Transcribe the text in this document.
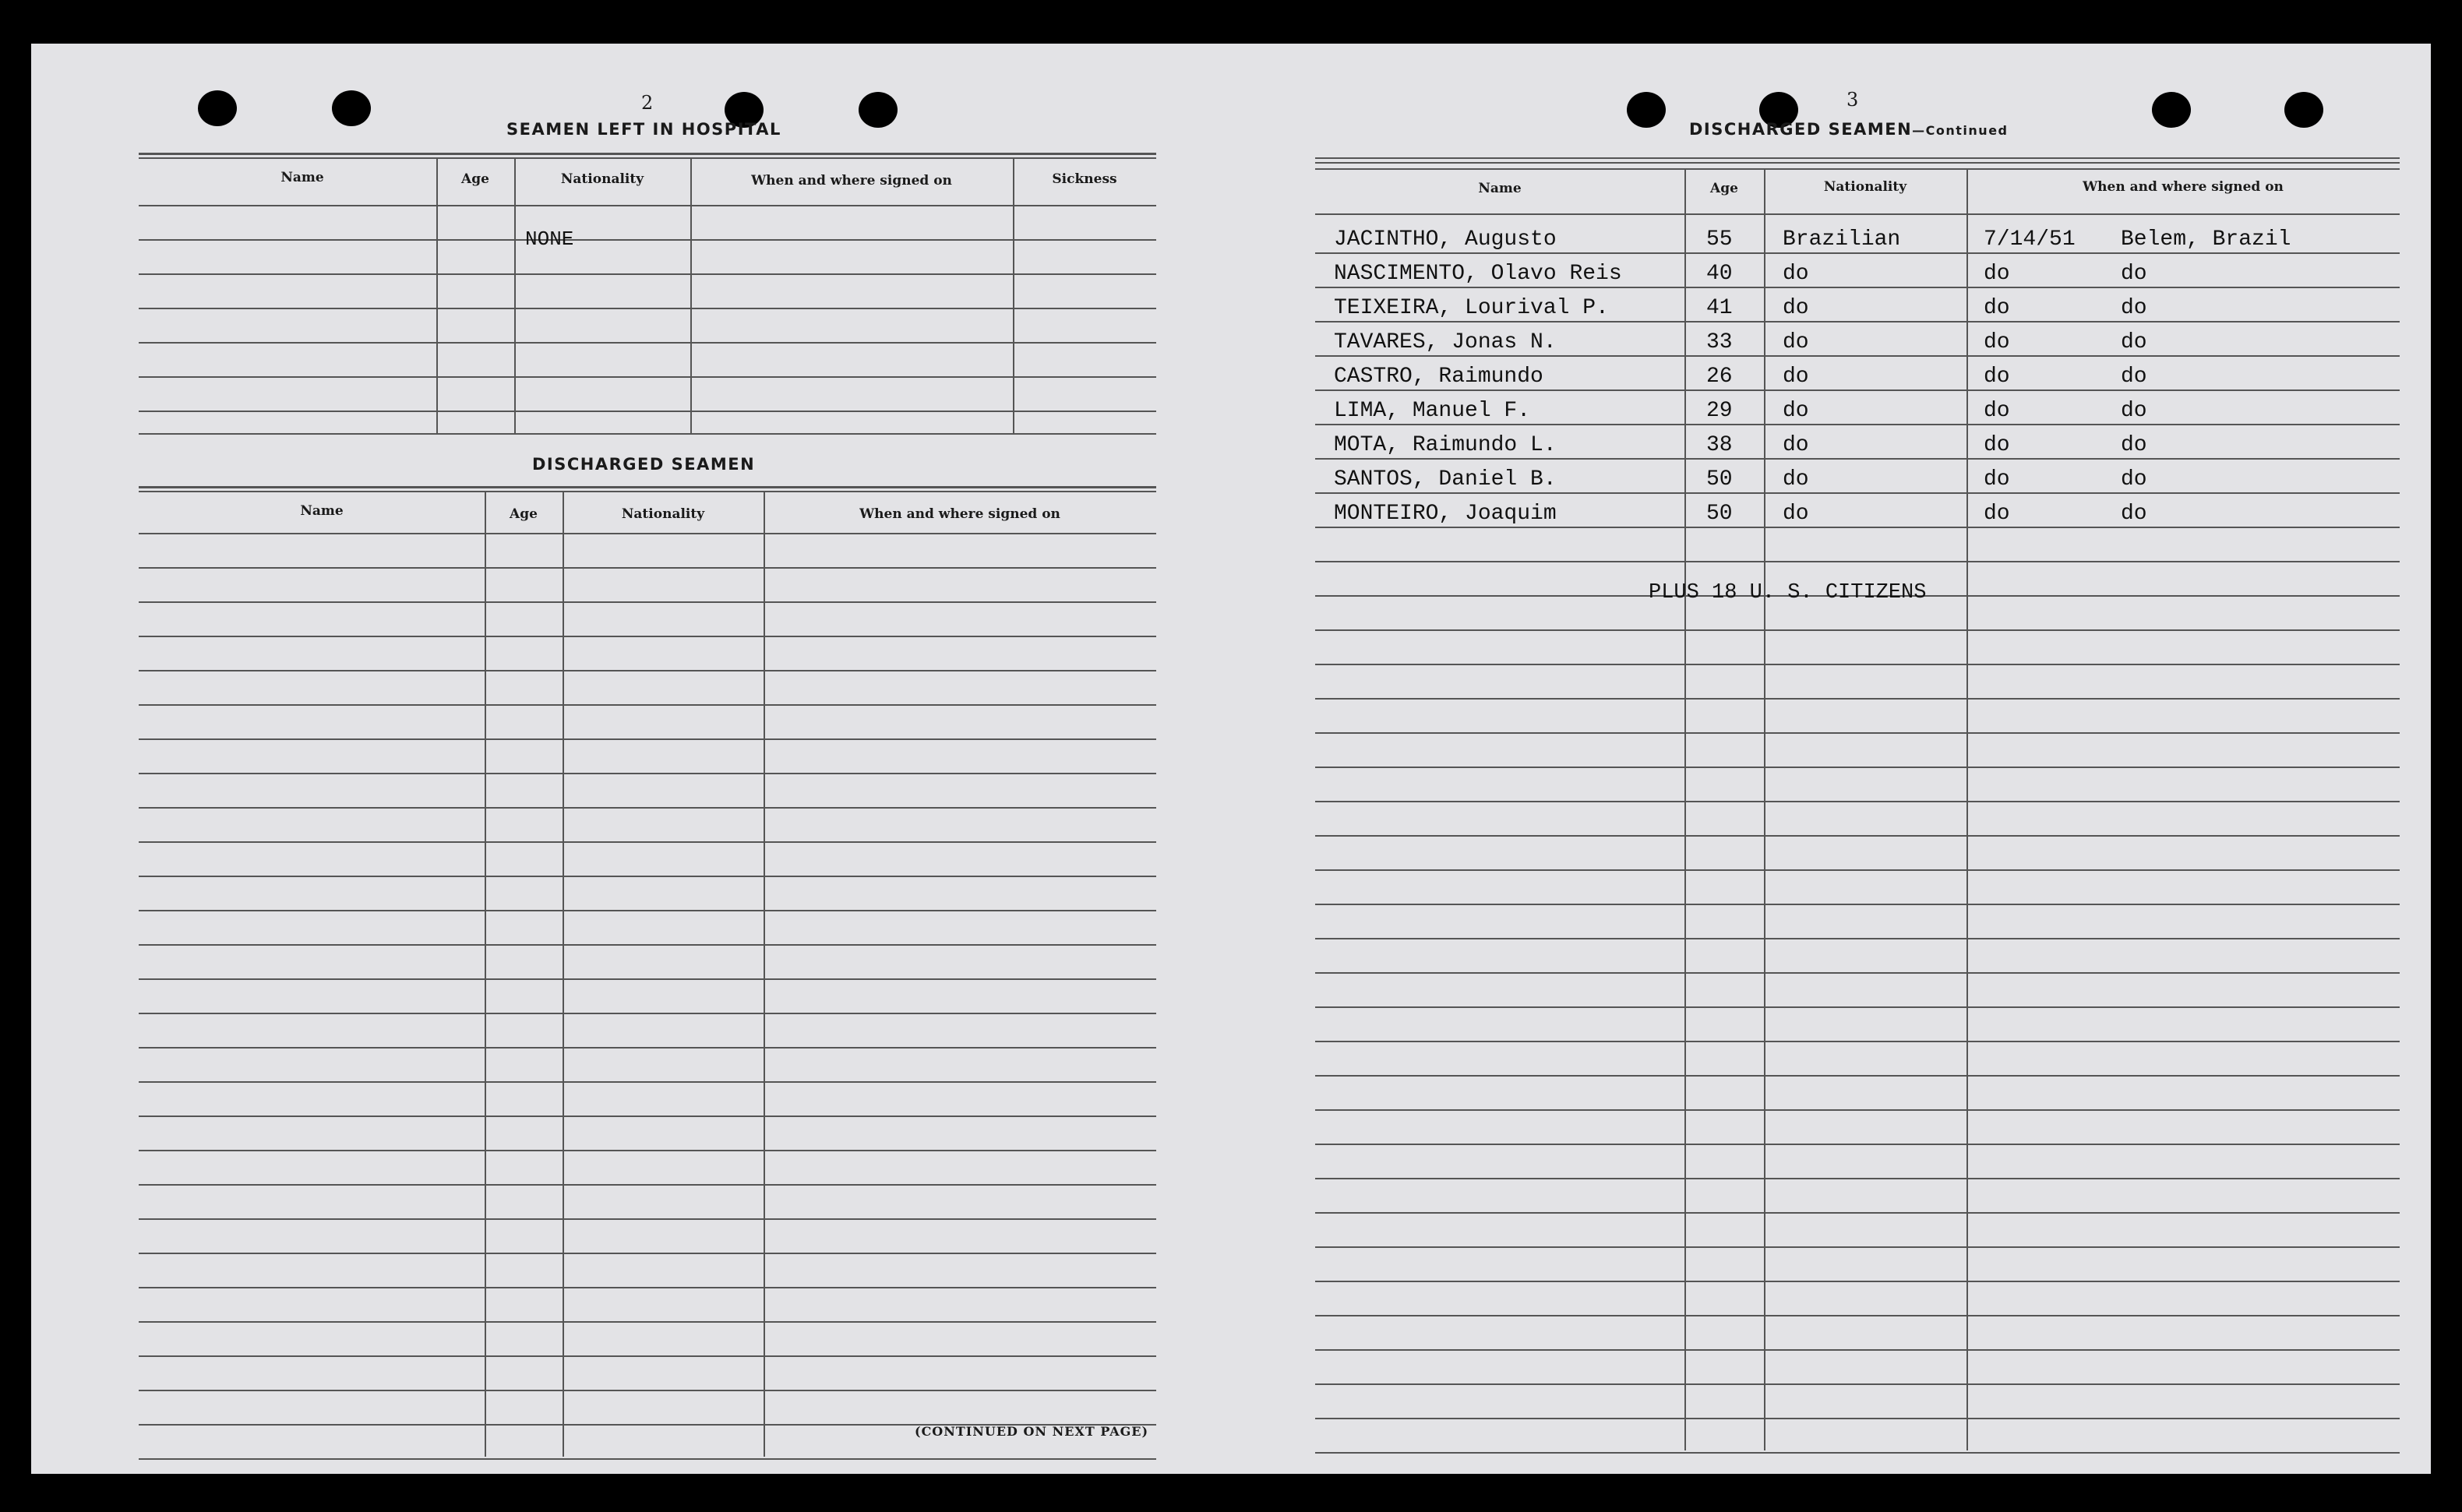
2
SEAMEN LEFT IN HOSPITAL
Name	Age	Nationality	When and where signed on	Sickness
NONE
DISCHARGED SEAMEN
Name	Age	Nationality	When and where signed on
(CONTINUED ON NEXT PAGE)
3
DISCHARGED SEAMEN—Continued
Name	Age	Nationality	When and where signed on
JACINTHO, Augusto	55 Brazilian	7/14/51 Belem, Brazil
NASCIMENTO, Olavo Reis	40 do	do	do
TEIXEIRA, Lourival P.	41 do	do	do
TAVARES, Jonas N.	33 do	do	do
CASTRO, Raimundo	26 do	do	do
LIMA, Manuel F.	29 do	do	do
MOTA, Raimundo L.	38 do	do	do
SANTOS, Daniel B.	50 do	do	do
MONTEIRO, Joaquim	50 do	do	do
PLUS 18 U. S. CITIZENS
